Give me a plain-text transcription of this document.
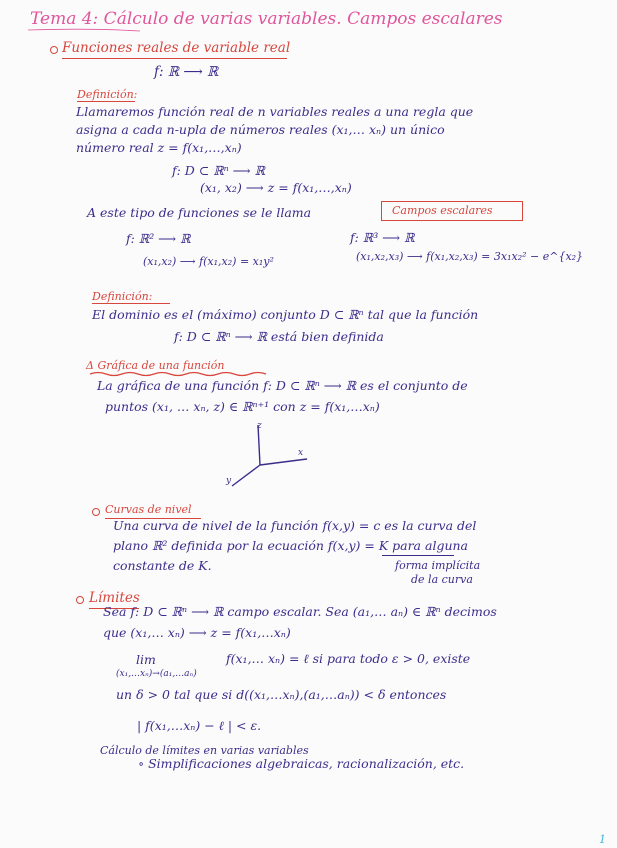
Tema 4: Cálculo de varias variables. Campos escalares
Funciones reales de variable real
f: ℝ ⟶ ℝ
Definición:
Llamaremos función real de n variables reales a una regla que
asigna a cada n-upla de números reales (x₁,… xₙ) un único
número real z = f(x₁,…,xₙ)
f: D ⊂ ℝⁿ ⟶ ℝ
(x₁, x₂) ⟶ z = f(x₁,…,xₙ)
A este tipo de funciones se le llama	Campos escalares
f: ℝ² ⟶ ℝ
(x₁,x₂) ⟶ f(x₁,x₂) = x₁y²
f: ℝ³ ⟶ ℝ
(x₁,x₂,x₃) ⟶ f(x₁,x₂,x₃) = 3x₁x₂² − e^{x₂}
Definición:
El dominio es el (máximo) conjunto D ⊂ ℝⁿ tal que la función
f: D ⊂ ℝⁿ ⟶ ℝ está bien definida
Δ Gráfica de una función
La gráfica de una función f: D ⊂ ℝⁿ ⟶ ℝ es el conjunto de
puntos (x₁, … xₙ, z) ∈ ℝⁿ⁺¹ con z = f(x₁,…xₙ)
z
x
y
Curvas de nivel
Una curva de nivel de la función f(x,y) = c es la curva del
plano ℝ² definida por la ecuación f(x,y) = K para alguna
constante de K.	forma implícita
de la curva
Límites
Sea f: D ⊂ ℝⁿ ⟶ ℝ campo escalar. Sea (a₁,… aₙ) ∈ ℝⁿ decimos
que (x₁,… xₙ) ⟶ z = f(x₁,…xₙ)
lim	f(x₁,… xₙ) = ℓ si para todo ε > 0, existe
(x₁,…xₙ)→(a₁,…aₙ)
un δ > 0 tal que si d((x₁,…xₙ),(a₁,…aₙ)) < δ entonces
| f(x₁,…xₙ) − ℓ | < ε.
Cálculo de límites en varias variables
∘ Simplificaciones algebraicas, racionalización, etc.
1
